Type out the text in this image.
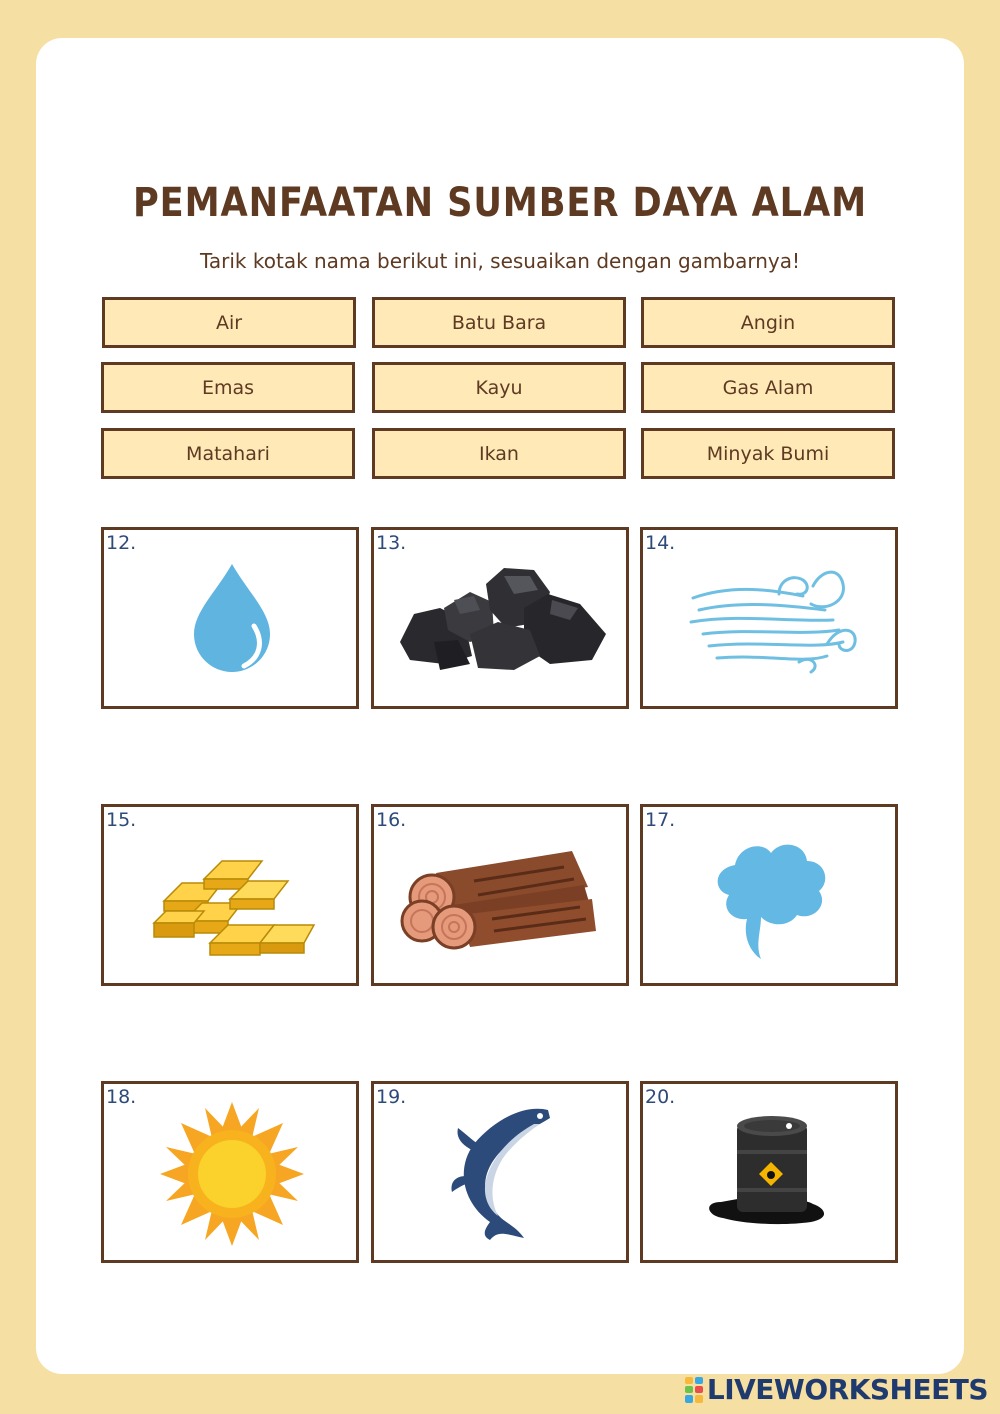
PEMANFAATAN SUMBER DAYA ALAM
Tarik kotak nama berikut ini, sesuaikan dengan gambarnya!
Air	Batu Bara	Angin
Emas	Kayu	Gas Alam
Matahari	Ikan	Minyak Bumi
12.	13.	14.
15.	16.	17.
18.	19.	20.
LIVEWORKSHEETS
